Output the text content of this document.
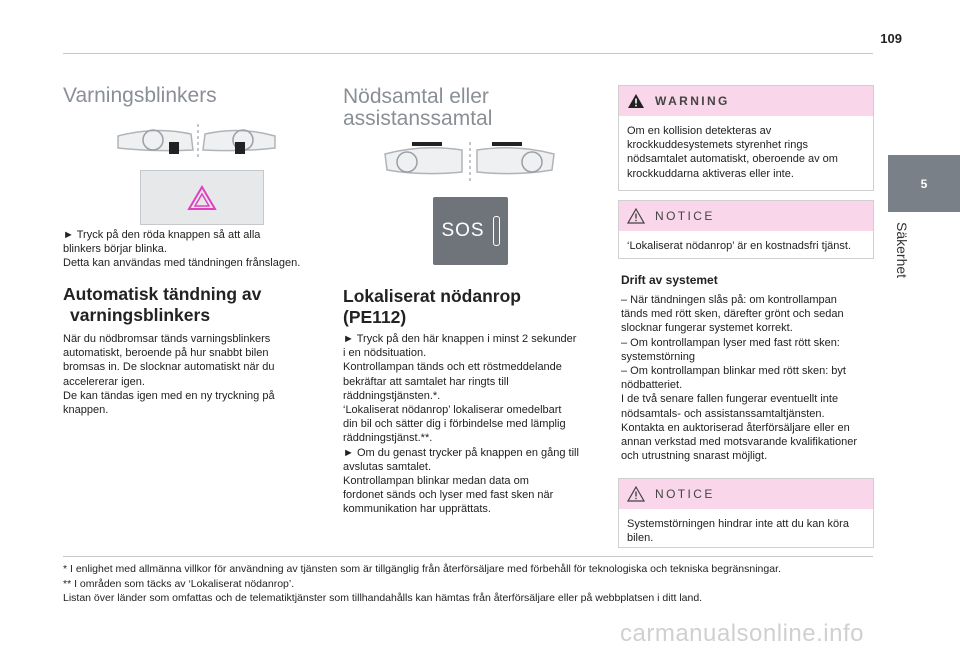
109
5
Säkerhet
Varningsblinkers

► Tryck på den röda knappen så att alla

blinkers börjar blinka.

Detta kan användas med tändningen frånslagen.

Automatisk tändning av

varningsblinkers

När du nödbromsar tänds varningsblinkers

automatiskt, beroende på hur snabbt bilen

bromsas in. De slocknar automatiskt när du

accelererar igen.

De kan tändas igen med en ny tryckning på

knappen.

Nödsamtal eller

assistanssamtal

SOS

Lokaliserat nödanrop

(PE112)

► Tryck på den här knappen i minst 2 sekunder

i en nödsituation.

Kontrollampan tänds och ett röstmeddelande

bekräftar att samtalet har ringts till

räddningstjänsten.*.

‘Lokaliserat nödanrop’ lokaliserar omedelbart

din bil och sätter dig i förbindelse med lämplig

räddningstjänst.**.

► Om du genast trycker på knappen en gång till

avslutas samtalet.

Kontrollampan blinkar medan data om

fordonet sänds och lyser med fast sken när

kommunikation har upprättats.

WARNING

Om en kollision detekteras av

krockkuddesystemets styrenhet rings

nödsamtalet automatiskt, oberoende av om

krockkuddarna aktiveras eller inte.

NOTICE

‘Lokaliserat nödanrop’ är en kostnadsfri tjänst.

Drift av systemet

– När tändningen slås på: om kontrollampan

tänds med rött sken, därefter grönt och sedan

slocknar fungerar systemet korrekt.

– Om kontrollampan lyser med fast rött sken:

systemstörning

– Om kontrollampan blinkar med rött sken: byt

nödbatteriet.

I de två senare fallen fungerar eventuellt inte

nödsamtals- och assistanssamtaltjänsten.

Kontakta en auktoriserad återförsäljare eller en

annan verkstad med motsvarande kvalifikationer

och utrustning snarast möjligt.

NOTICE

Systemstörningen hindrar inte att du kan köra

bilen.

* I enlighet med allmänna villkor för användning av tjänsten som är tillgänglig från återförsäljare med förbehåll för teknologiska och tekniska begränsningar.

** I områden som täcks av ‘Lokaliserat nödanrop’.

Listan över länder som omfattas och de telematiktjänster som tillhandahålls kan hämtas från återförsäljare eller på webbplatsen i ditt land.

carmanualsonline.info
